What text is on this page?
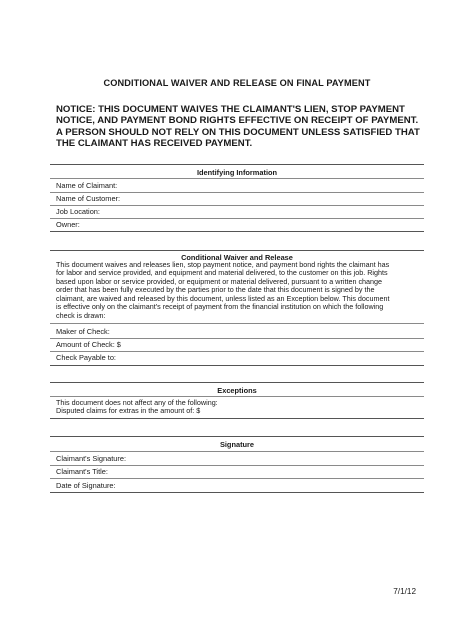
CONDITIONAL WAIVER AND RELEASE ON FINAL PAYMENT
NOTICE: THIS DOCUMENT WAIVES THE CLAIMANT'S LIEN, STOP PAYMENT
NOTICE, AND PAYMENT BOND RIGHTS EFFECTIVE ON RECEIPT OF PAYMENT.
A PERSON SHOULD NOT RELY ON THIS DOCUMENT UNLESS SATISFIED THAT
THE CLAIMANT HAS RECEIVED PAYMENT.
Identifying Information
Name of Claimant:
Name of Customer:
Job Location:
Owner:
Conditional Waiver and Release
This document waives and releases lien, stop payment notice, and payment bond rights the claimant has
for labor and service provided, and equipment and material delivered, to the customer on this job. Rights
based upon labor or service provided, or equipment or material delivered, pursuant to a written change
order that has been fully executed by the parties prior to the date that this document is signed by the
claimant, are waived and released by this document, unless listed as an Exception below. This document
is effective only on the claimant's receipt of payment from the financial institution on which the following
check is drawn:
Maker of Check:
Amount of Check: $
Check Payable to:
Exceptions
This document does not affect any of the following:
Disputed claims for extras in the amount of: $
Signature
Claimant's Signature:
Claimant's Title:
Date of Signature:
7/1/12
